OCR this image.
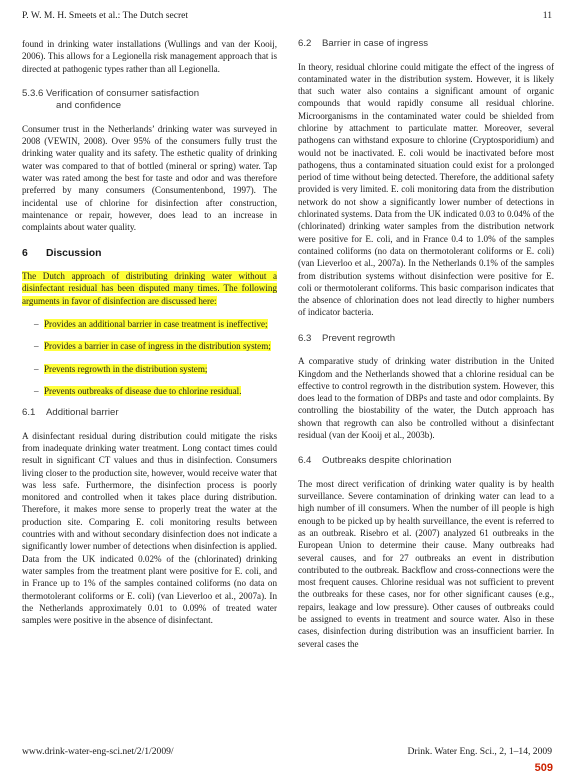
P. W. M. H. Smeets et al.: The Dutch secret	11

found in drinking water installations (Wullings and van der Kooij, 2006). This allows for a Legionella risk management approach that is directed at pathogenic types rather than all Legionella.

5.3.6 Verification of consumer satisfaction
and confidence

Consumer trust in the Netherlands’ drinking water was surveyed in 2008 (VEWIN, 2008). Over 95% of the consumers fully trust the drinking water quality and its safety. The esthetic quality of drinking water was compared to that of bottled (mineral or spring) water. Tap water was rated among the best for taste and odor and was therefore preferred by many consumers (Consumentenbond, 1997). The incidental use of chlorine for disinfection after construction, maintenance or repair, however, does lead to an increase in complaints about water quality.

6 Discussion

The Dutch approach of distributing drinking water without a disinfectant residual has been disputed many times. The following arguments in favor of disinfection are discussed here:

– Provides an additional barrier in case treatment is ineffective;
– Provides a barrier in case of ingress in the distribution system;
– Prevents regrowth in the distribution system;
– Prevents outbreaks of disease due to chlorine residual.
6.1 Additional barrier

A disinfectant residual during distribution could mitigate the risks from inadequate drinking water treatment. Long contact times could result in significant CT values and thus in disinfection. Consumers living closer to the production site, however, would receive water that was less safe. Furthermore, the disinfection process is poorly monitored and controlled when it takes place during distribution. Therefore, it makes more sense to properly treat the water at the production site. Comparing E. coli monitoring results between countries with and without secondary disinfection does not indicate a significantly lower number of detections when disinfection is applied. Data from the UK indicated 0.02% of the (chlorinated) drinking water samples from the treatment plant were positive for E. coli, and in France up to 1% of the samples contained coliforms (no data on thermotolerant coliforms or E. coli) (van Lieverloo et al., 2007a). In the Netherlands approximately 0.01 to 0.09% of treated water samples were positive in the absence of disinfectant.

6.2 Barrier in case of ingress

In theory, residual chlorine could mitigate the effect of the ingress of contaminated water in the distribution system. However, it is likely that such water also contains a significant amount of organic compounds that would rapidly consume all residual chlorine. Microorganisms in the contaminated water could be shielded from chlorine by attachment to particulate matter. Moreover, several pathogens can withstand exposure to chlorine (Cryptosporidium) and would not be inactivated. E. coli would be inactivated before most pathogens, thus a contaminated situation could exist for a prolonged period of time without being detected. Therefore, the additional safety provided is very limited. E. coli monitoring data from the distribution network do not show a significantly lower number of detections in chlorinated systems. Data from the UK indicated 0.03 to 0.04% of the (chlorinated) drinking water samples from the distribution network were positive for E. coli, and in France 0.4 to 1.0% of the samples contained coliforms (no data on thermotolerant coliforms or E. coli) (van Lieverloo et al., 2007a). In the Netherlands 0.1% of the samples from distribution systems without disinfection were positive for E. coli or thermotolerant coliforms. This basic comparison indicates that the absence of chlorination does not lead directly to higher numbers of indicator bacteria.

6.3 Prevent regrowth

A comparative study of drinking water distribution in the United Kingdom and the Netherlands showed that a chlorine residual can be effective to control regrowth in the distribution system. However, this does lead to the formation of DBPs and taste and odor complaints. By controlling the biostability of the water, the Dutch approach has shown that regrowth can also be controlled without a disinfectant residual (van der Kooij et al., 2003b).

6.4 Outbreaks despite chlorination

The most direct verification of drinking water quality is by health surveillance. Severe contamination of drinking water can lead to a high number of ill consumers. When the number of ill people is high enough to be picked up by health surveillance, the event is referred to as an outbreak. Risebro et al. (2007) analyzed 61 outbreaks in the European Union to determine their cause. Many outbreaks had several causes, and for 27 outbreaks an event in distribution contributed to the outbreak. Backflow and cross-connections were the most frequent causes. Chlorine residual was not sufficient to prevent the outbreaks for these cases, nor for other significant causes (e.g., repairs, leakage and low pressure). Other causes of outbreaks could be assigned to events in treatment and source water. Also in these cases, disinfection during distribution was an insufficient barrier. In several cases the

www.drink-water-eng-sci.net/2/1/2009/	Drink. Water Eng. Sci., 2, 1–14, 2009
509
